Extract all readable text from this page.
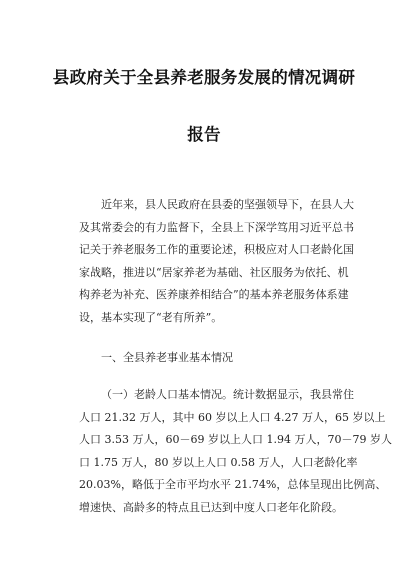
县政府关于全县养老服务发展的情况调研
报告
近年来，县人民政府在县委的坚强领导下，在县人大
及其常委会的有力监督下，全县上下深学笃用习近平总书
记关于养老服务工作的重要论述，积极应对人口老龄化国
家战略，推进以“居家养老为基础、社区服务为依托、机
构养老为补充、医养康养相结合”的基本养老服务体系建
设，基本实现了“老有所养”。
一、全县养老事业基本情况
（一）老龄人口基本情况。统计数据显示，我县常住
人口 21.32 万人，其中 60 岁以上人口 4.27 万人，65 岁以上
人口 3.53 万人，60－69 岁以上人口 1.94 万人，70－79 岁人
口 1.75 万人，80 岁以上人口 0.58 万人，人口老龄化率
20.03%，略低于全市平均水平 21.74%，总体呈现出比例高、
增速快、高龄多的特点且已达到中度人口老年化阶段。
